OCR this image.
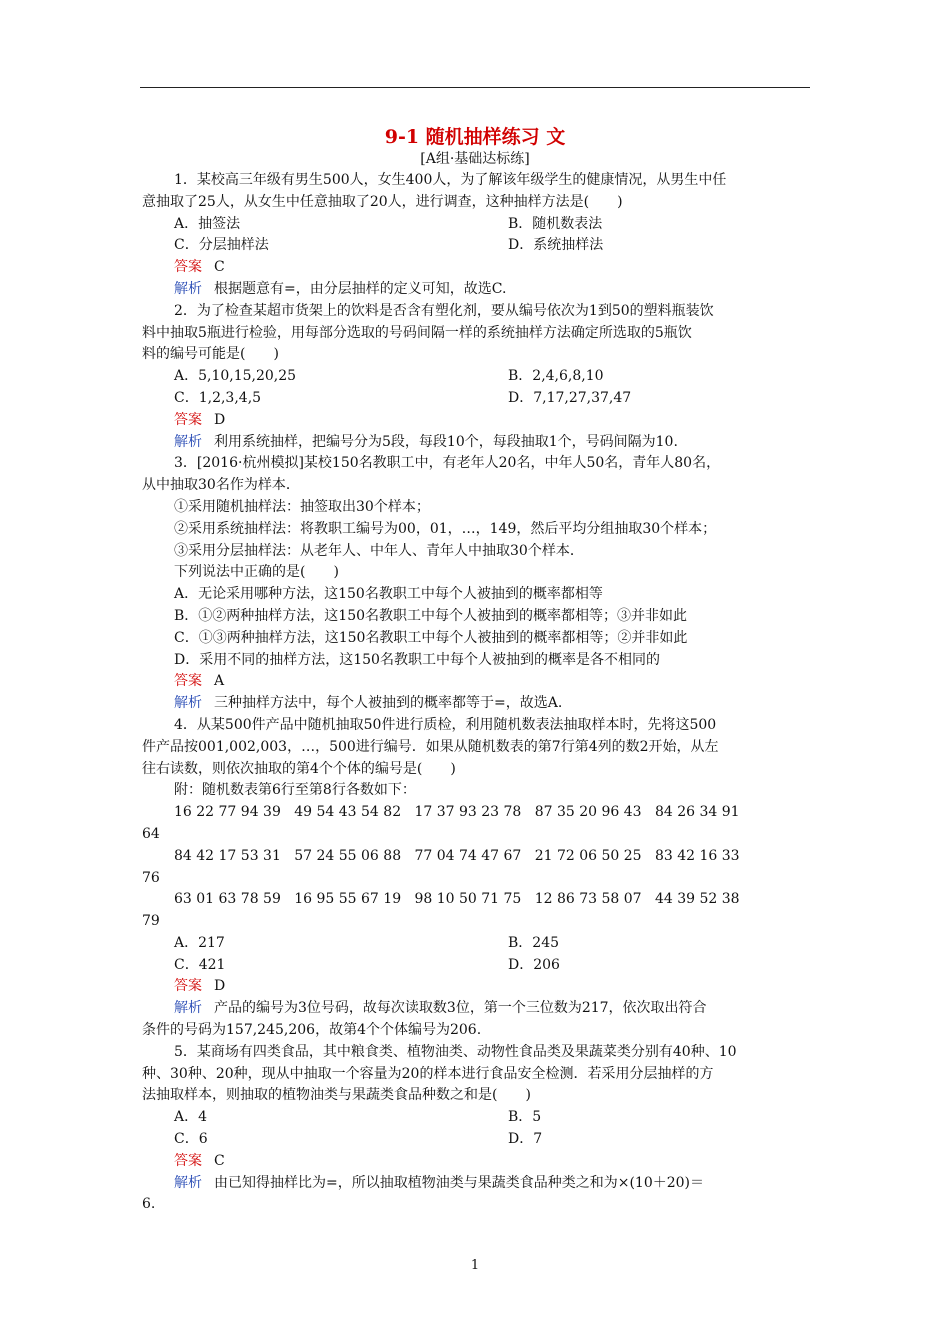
9-1 随机抽样练习 文
[A组·基础达标练]

1．某校高三年级有男生500人，女生400人，为了解该年级学生的健康情况，从男生中任

意抽取了25人，从女生中任意抽取了20人，进行调查，这种抽样方法是(　　)

A．抽签法	B．随机数表法
C．分层抽样法	D．系统抽样法

答案 C

解析 根据题意有=，由分层抽样的定义可知，故选C.

2．为了检查某超市货架上的饮料是否含有塑化剂，要从编号依次为1到50的塑料瓶装饮

料中抽取5瓶进行检验，用每部分选取的号码间隔一样的系统抽样方法确定所选取的5瓶饮

料的编号可能是(　　)

A．5,10,15,20,25	B．2,4,6,8,10
C．1,2,3,4,5	D．7,17,27,37,47

答案 D

解析 利用系统抽样，把编号分为5段，每段10个，每段抽取1个，号码间隔为10.

3．[2016·杭州模拟]某校150名教职工中，有老年人20名，中年人50名，青年人80名，

从中抽取30名作为样本．

①采用随机抽样法：抽签取出30个样本；

②采用系统抽样法：将教职工编号为00，01，…，149，然后平均分组抽取30个样本；

③采用分层抽样法：从老年人、中年人、青年人中抽取30个样本．

下列说法中正确的是(　　)

A．无论采用哪种方法，这150名教职工中每个人被抽到的概率都相等

B．①②两种抽样方法，这150名教职工中每个人被抽到的概率都相等；③并非如此

C．①③两种抽样方法，这150名教职工中每个人被抽到的概率都相等；②并非如此

D．采用不同的抽样方法，这150名教职工中每个人被抽到的概率是各不相同的

答案 A

解析 三种抽样方法中，每个人被抽到的概率都等于=，故选A.

4．从某500件产品中随机抽取50件进行质检，利用随机数表法抽取样本时，先将这500

件产品按001,002,003，…，500进行编号．如果从随机数表的第7行第4列的数2开始，从左

往右读数，则依次抽取的第4个个体的编号是(　　)

附：随机数表第6行至第8行各数如下：

16 22 77 94 39 49 54 43 54 82 17 37 93 23 78 87 35 20 96 43 84 26 34 91

64

84 42 17 53 31 57 24 55 06 88 77 04 74 47 67 21 72 06 50 25 83 42 16 33

76

63 01 63 78 59 16 95 55 67 19 98 10 50 71 75 12 86 73 58 07 44 39 52 38

79

A．217	B．245
C．421	D．206

答案 D

解析 产品的编号为3位号码，故每次读取数3位，第一个三位数为217，依次取出符合

条件的号码为157,245,206，故第4个个体编号为206.

5．某商场有四类食品，其中粮食类、植物油类、动物性食品类及果蔬菜类分别有40种、10

种、30种、20种，现从中抽取一个容量为20的样本进行食品安全检测．若采用分层抽样的方

法抽取样本，则抽取的植物油类与果蔬类食品种数之和是(　　)

A．4	B．5
C．6	D．7

答案 C

解析 由已知得抽样比为=，所以抽取植物油类与果蔬类食品种类之和为×(10＋20)＝

6.

1
